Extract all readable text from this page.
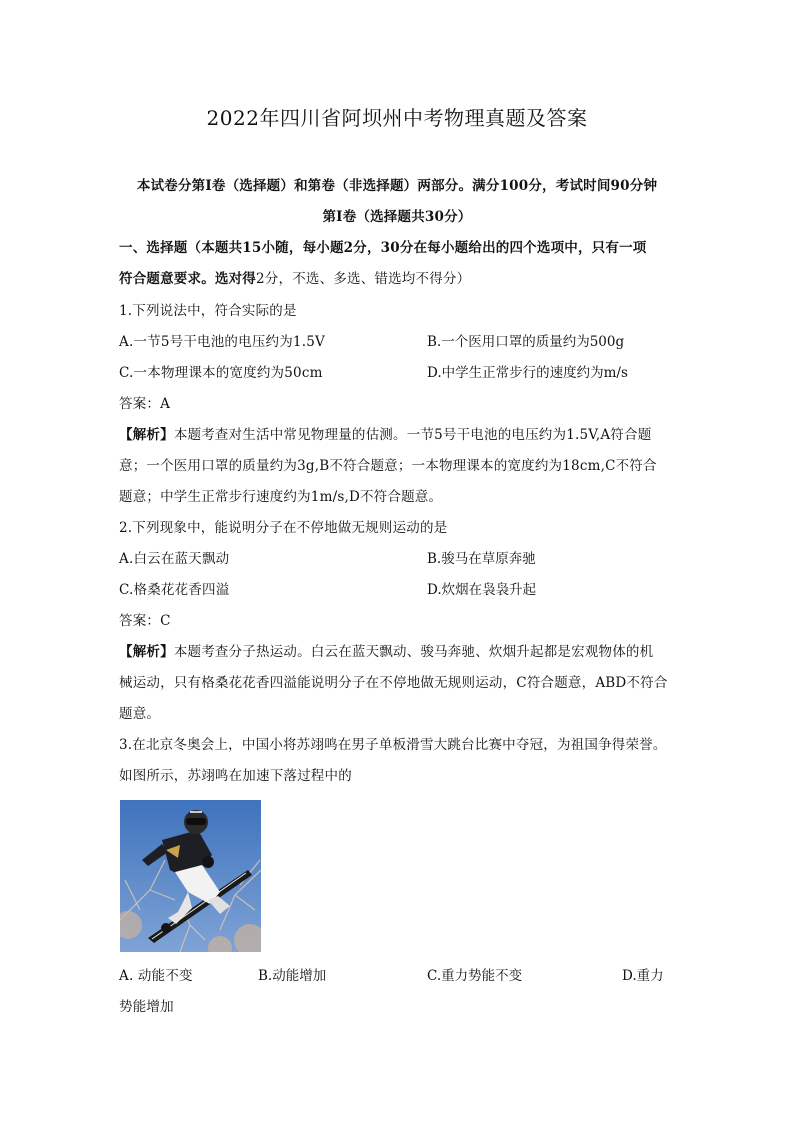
2022年四川省阿坝州中考物理真题及答案
本试卷分第Ⅰ卷（选择题）和第卷（非选择题）两部分。满分100分，考试时间90分钟
第Ⅰ卷（选择题共30分）
一、选择题（本题共15小随，每小题2分，30分在每小题给出的四个选项中，只有一项
符合题意要求。选对得2分，不选、多选、错选均不得分）
1.下列说法中，符合实际的是
A.一节5号干电池的电压约为1.5V	B.一个医用口罩的质量约为500g
C.一本物理课本的宽度约为50cm	D.中学生正常步行的速度约为m/s
答案：A
【解析】本题考查对生活中常见物理量的估测。一节5号干电池的电压约为1.5V,A符合题
意；一个医用口罩的质量约为3g,B不符合题意；一本物理课本的宽度约为18cm,C不符合
题意；中学生正常步行速度约为1m/s,D不符合题意。
2.下列现象中，能说明分子在不停地做无规则运动的是
A.白云在蓝天飘动	B.骏马在草原奔驰
C.格桑花花香四溢	D.炊烟在袅袅升起
答案：C
【解析】本题考查分子热运动。白云在蓝天飘动、骏马奔驰、炊烟升起都是宏观物体的机
械运动，只有格桑花花香四溢能说明分子在不停地做无规则运动，C符合题意，ABD不符合
题意。
3.在北京冬奥会上，中国小将苏翊鸣在男子单板滑雪大跳台比赛中夺冠，为祖国争得荣誉。
如图所示，苏翊鸣在加速下落过程中的
A. 动能不变	B.动能增加	C.重力势能不变	D.重力
势能增加
